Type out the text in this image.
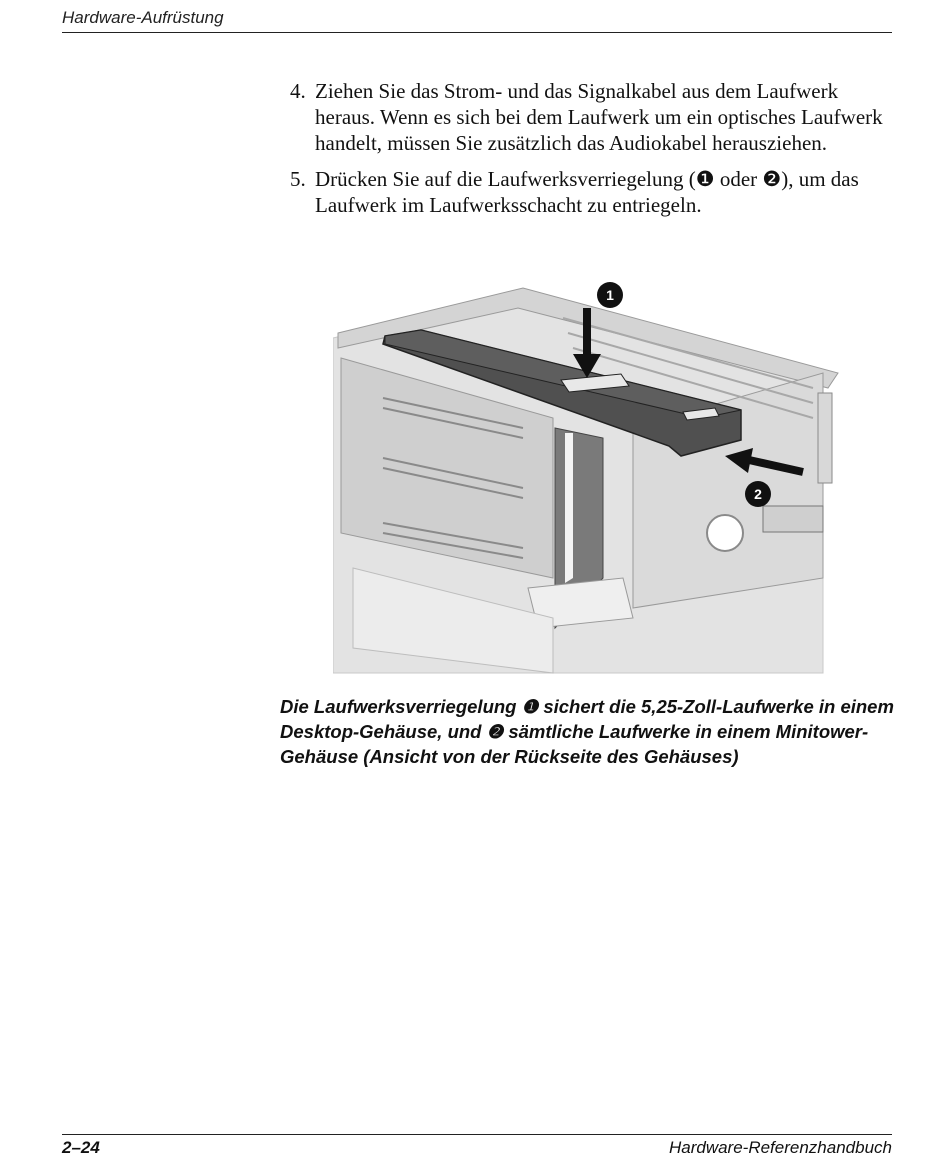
Hardware-Aufrüstung
4. Ziehen Sie das Strom- und das Signalkabel aus dem Laufwerk heraus. Wenn es sich bei dem Laufwerk um ein optisches Laufwerk handelt, müssen Sie zusätzlich das Audiokabel herausziehen.
5. Drücken Sie auf die Laufwerksverriegelung (❶ oder ❷), um das Laufwerk im Laufwerksschacht zu entriegeln.
1
2
Die Laufwerksverriegelung ❶ sichert die 5,25-Zoll-Laufwerke in einem Desktop-Gehäuse, und ❷ sämtliche Laufwerke in einem Minitower-Gehäuse (Ansicht von der Rückseite des Gehäuses)
2–24	Hardware-Referenzhandbuch
